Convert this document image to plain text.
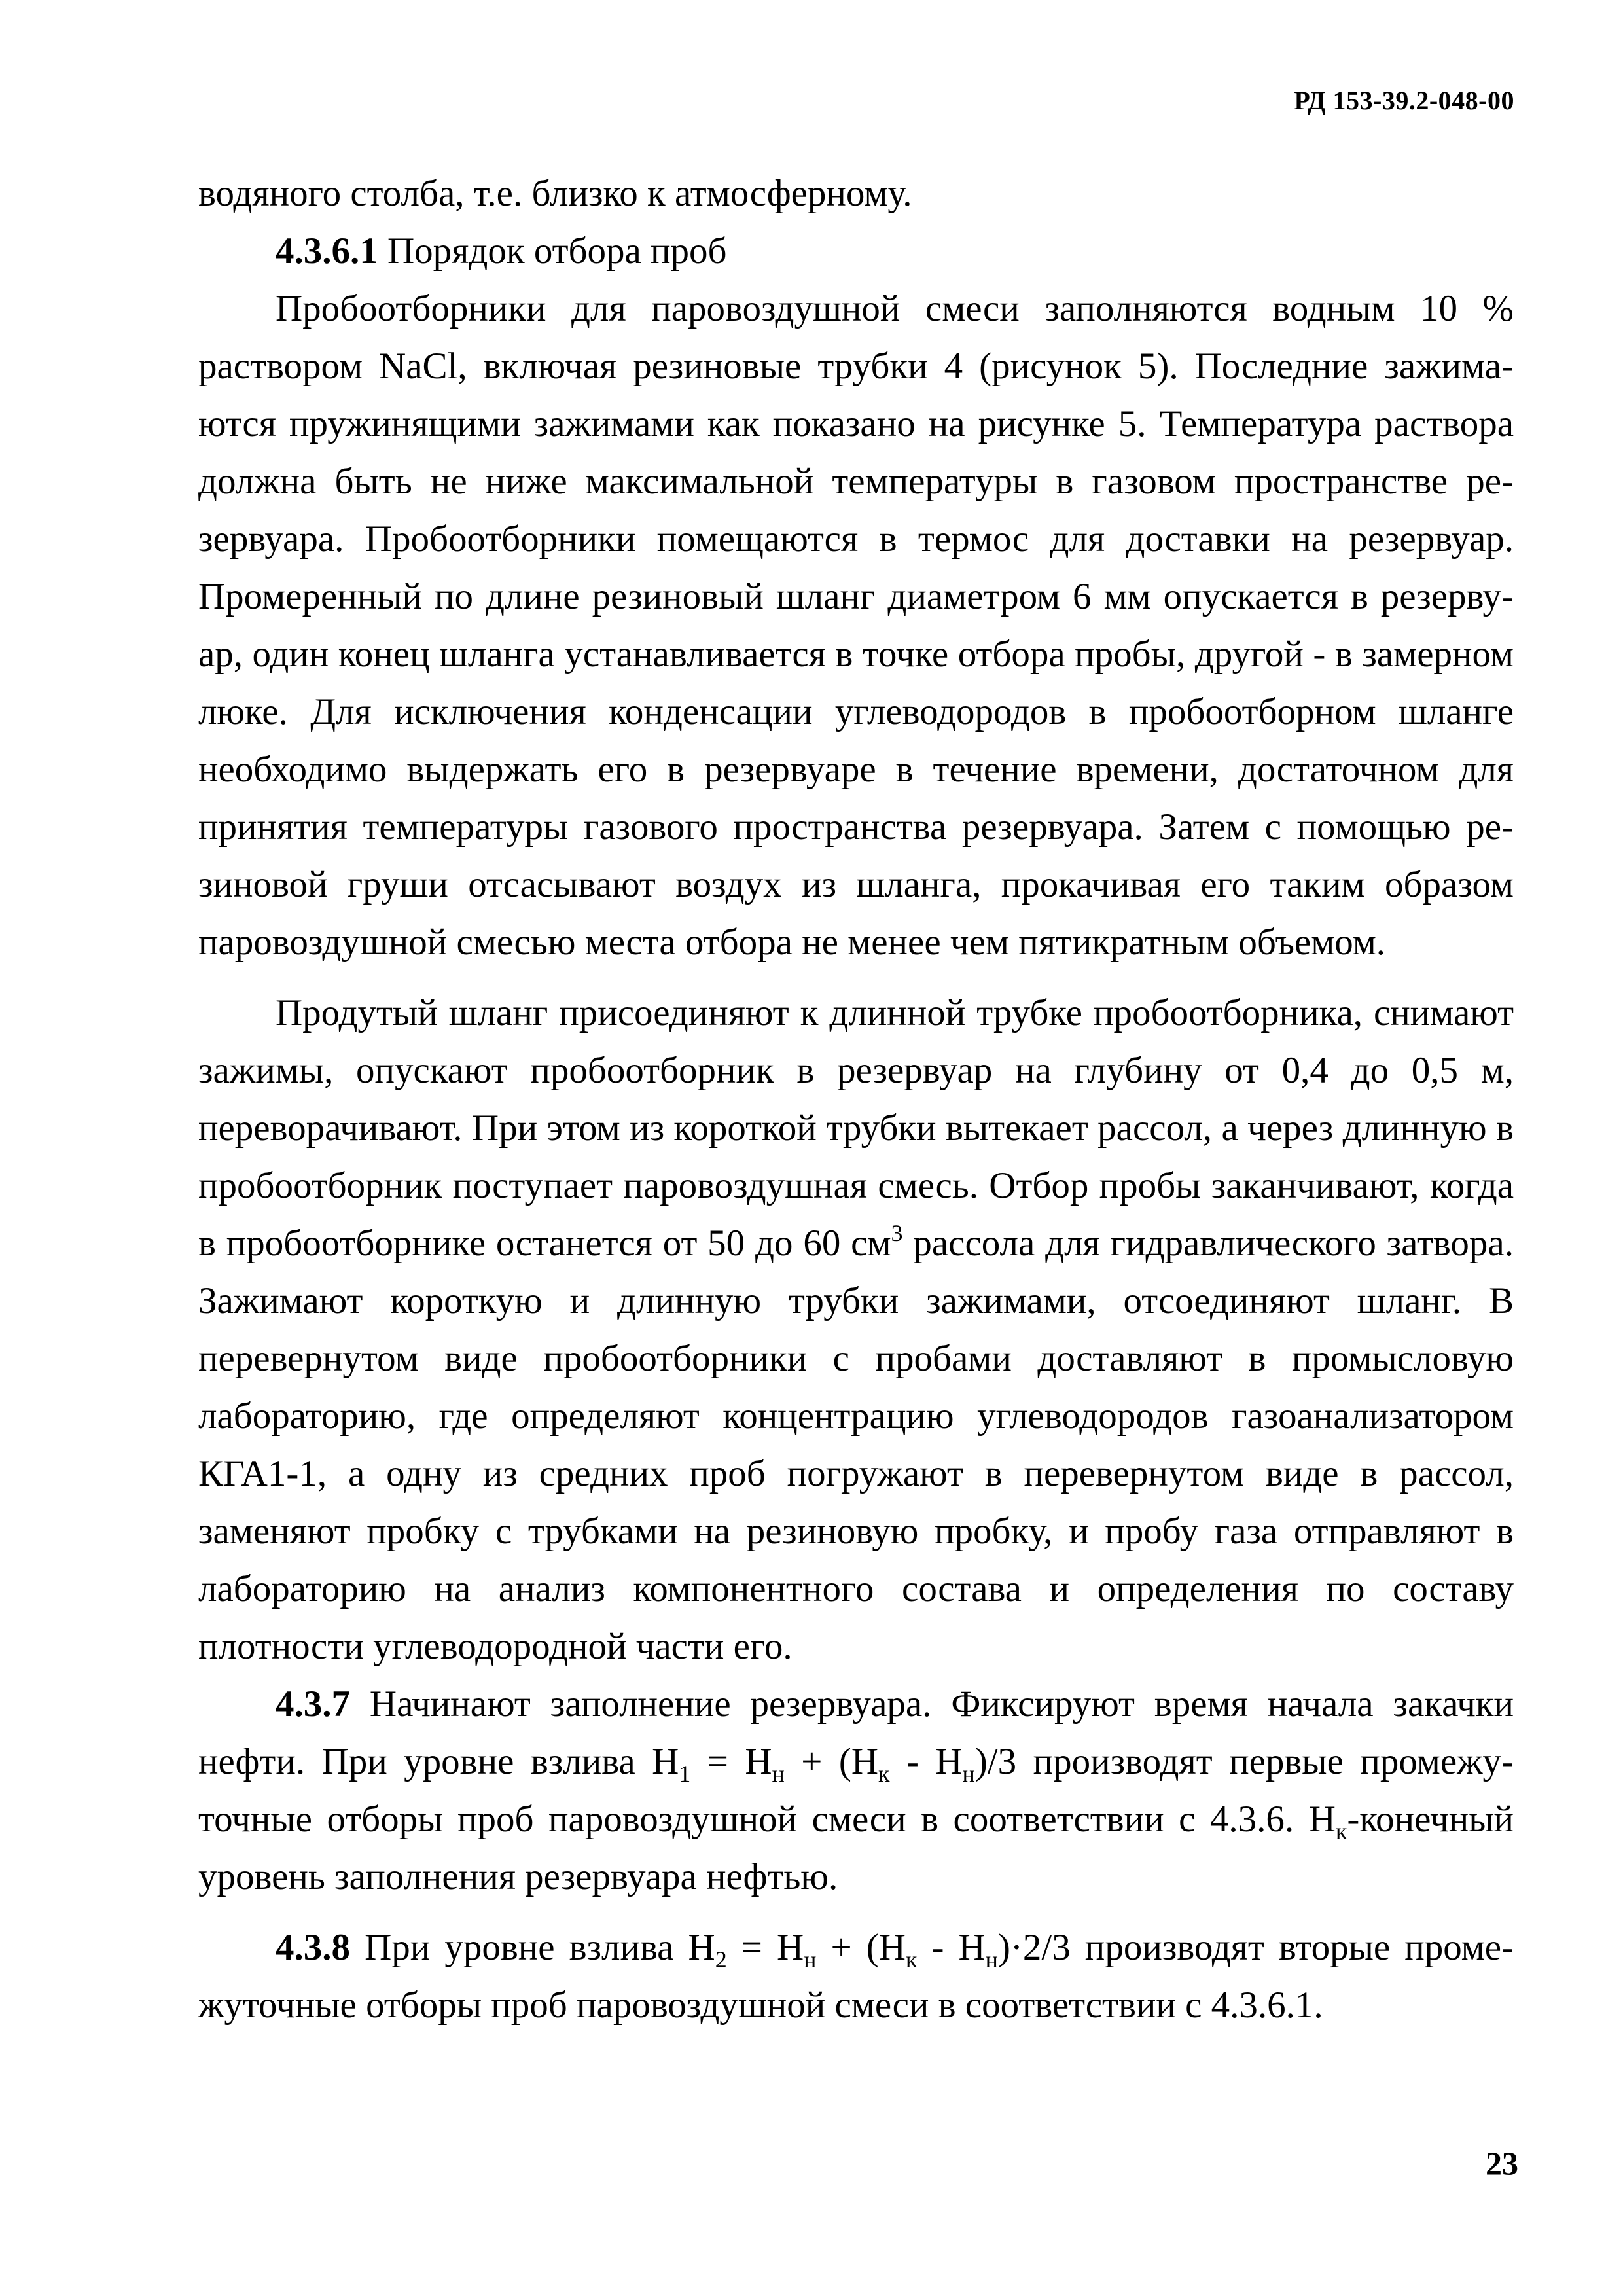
РД 153-39.2-048-00

водяного столба, т.е. близко к атмосферному.

4.3.6.1 Порядок отбора проб

Пробоотборники для паровоздушной смеси заполняются водным 10 % раствором NaCl, включая резиновые трубки 4 (рисунок 5). Последние зажимаются пружинящими зажимами как показано на рисунке 5. Температура раствора должна быть не ниже максимальной температуры в газовом пространстве резервуара. Пробоотборники помещаются в термос для доставки на резервуар. Промеренный по длине резиновый шланг диаметром 6 мм опускается в резервуар, один конец шланга устанавливается в точке отбора пробы, другой - в замерном люке. Для исключения конденсации углеводородов в пробоотборном шланге необходимо выдержать его в резервуаре в течение времени, достаточном для принятия температуры газового пространства резервуара. Затем с помощью резиновой груши отсасывают воздух из шланга, прокачивая его таким образом паровоздушной смесью места отбора не менее чем пятикратным объемом.

Продутый шланг присоединяют к длинной трубке пробоотборника, снимают зажимы, опускают пробоотборник в резервуар на глубину от 0,4 до 0,5 м, переворачивают. При этом из короткой трубки вытекает рассол, а через длинную в пробоотборник поступает паровоздушная смесь. Отбор пробы заканчивают, когда в пробоотборнике останется от 50 до 60 $см^3$ рассола для гидравлического затвора. Зажимают короткую и длинную трубки зажимами, отсоединяют шланг. В перевернутом виде пробоотборники с пробами доставляют в промысловую лабораторию, где определяют концентрацию углеводородов газоанализатором КГА1-1, а одну из средних проб погружают в перевернутом виде в рассол, заменяют пробку с трубками на резиновую пробку, и пробу газа отправляют в лабораторию на анализ компонентного состава и определения по составу плотности углеводородной части его.

4.3.7 Начинают заполнение резервуара. Фиксируют время начала закачки нефти. При уровне взлива $Н_1 = Н_н + (Н_к - Н_н)/3$ производят первые промежуточные отборы проб паровоздушной смеси в соответствии с 4.3.6. $Н_к$-конечный уровень заполнения резервуара нефтью.

4.3.8 При уровне взлива $Н_2 = Н_н + (Н_к - Н_н)\cdot 2/3$ производят вторые промежуточные отборы проб паровоздушной смеси в соответствии с 4.3.6.1.

23
